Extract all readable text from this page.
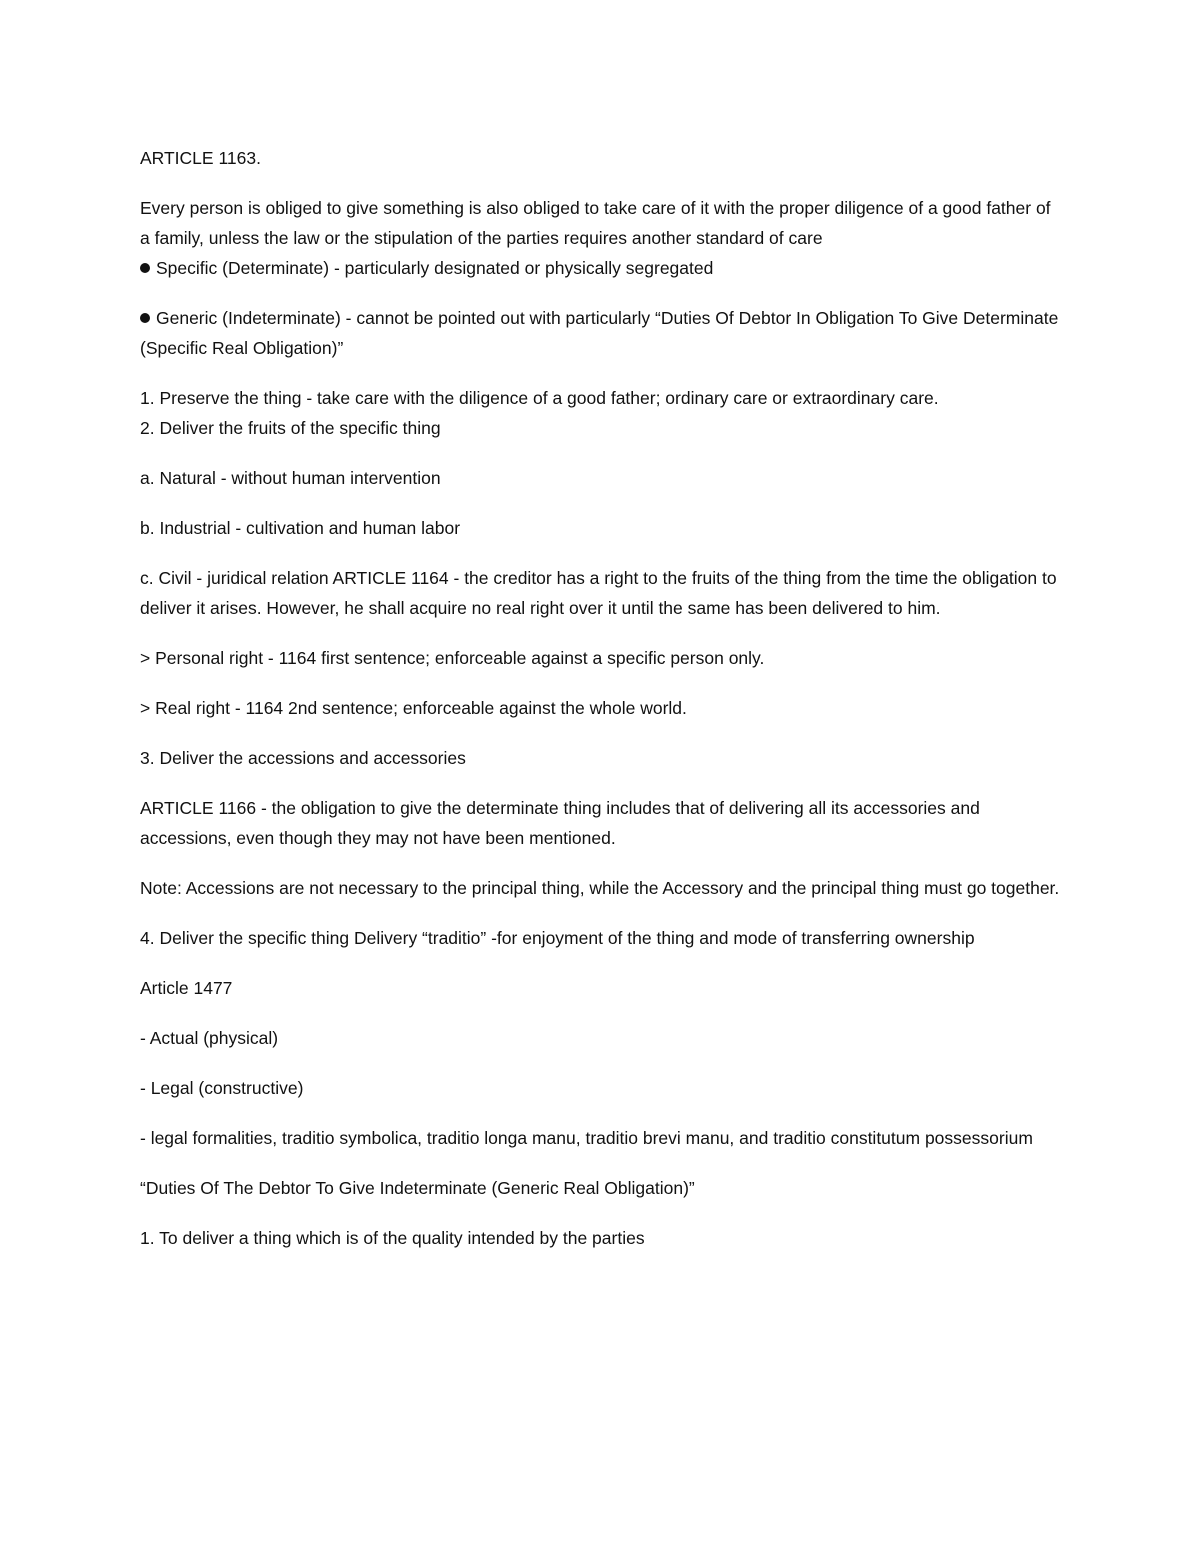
ARTICLE 1163.

Every person is obliged to give something is also obliged to take care of it with the proper diligence of a good father of a family, unless the law or the stipulation of the parties requires another standard of care

Specific (Determinate) - particularly designated or physically segregated

Generic (Indeterminate) - cannot be pointed out with particularly “Duties Of Debtor In Obligation To Give Determinate (Specific Real Obligation)”

1. Preserve the thing - take care with the diligence of a good father; ordinary care or extraordinary care.

2. Deliver the fruits of the specific thing

a. Natural - without human intervention

b. Industrial - cultivation and human labor

c. Civil - juridical relation ARTICLE 1164 - the creditor has a right to the fruits of the thing from the time the obligation to deliver it arises. However, he shall acquire no real right over it until the same has been delivered to him.

> Personal right - 1164 first sentence; enforceable against a specific person only.

> Real right - 1164 2nd sentence; enforceable against the whole world.

3. Deliver the accessions and accessories

ARTICLE 1166 - the obligation to give the determinate thing includes that of delivering all its accessories and accessions, even though they may not have been mentioned.

Note: Accessions are not necessary to the principal thing, while the Accessory and the principal thing must go together.

4. Deliver the specific thing Delivery “traditio” -for enjoyment of the thing and mode of transferring ownership

Article 1477

- Actual (physical)

- Legal (constructive)

- legal formalities, traditio symbolica, traditio longa manu, traditio brevi manu, and traditio constitutum possessorium

“Duties Of The Debtor To Give Indeterminate (Generic Real Obligation)”

1. To deliver a thing which is of the quality intended by the parties
